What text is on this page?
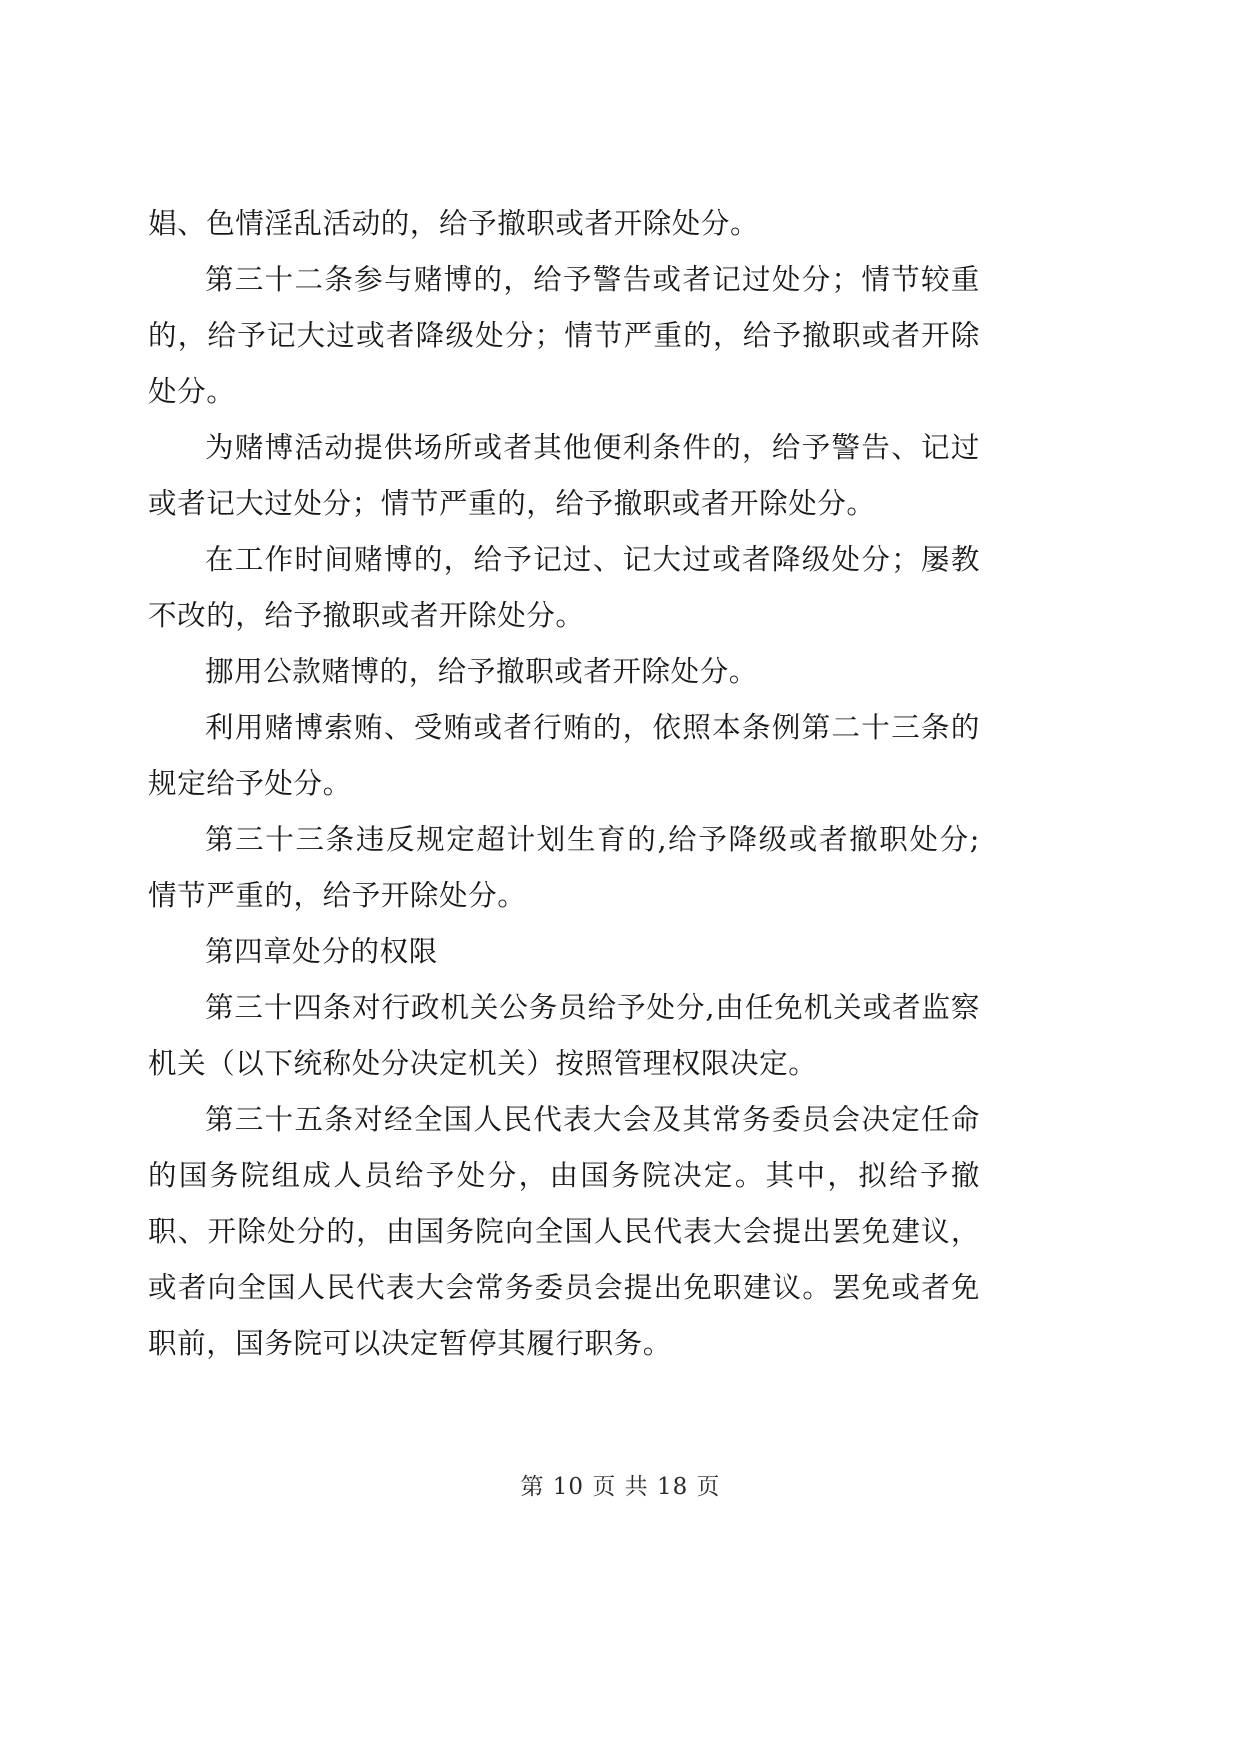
娼、色情淫乱活动的，给予撤职或者开除处分。

第三十二条参与赌博的，给予警告或者记过处分；情节较重的，给予记大过或者降级处分；情节严重的，给予撤职或者开除处分。

为赌博活动提供场所或者其他便利条件的，给予警告、记过或者记大过处分；情节严重的，给予撤职或者开除处分。

在工作时间赌博的，给予记过、记大过或者降级处分；屡教不改的，给予撤职或者开除处分。

挪用公款赌博的，给予撤职或者开除处分。

利用赌博索贿、受贿或者行贿的，依照本条例第二十三条的规定给予处分。

第三十三条违反规定超计划生育的,给予降级或者撤职处分;情节严重的，给予开除处分。

第四章处分的权限

第三十四条对行政机关公务员给予处分,由任免机关或者监察机关（以下统称处分决定机关）按照管理权限决定。

第三十五条对经全国人民代表大会及其常务委员会决定任命的国务院组成人员给予处分，由国务院决定。其中，拟给予撤职、开除处分的，由国务院向全国人民代表大会提出罢免建议，或者向全国人民代表大会常务委员会提出免职建议。罢免或者免职前，国务院可以决定暂停其履行职务。

第 10 页 共 18 页
